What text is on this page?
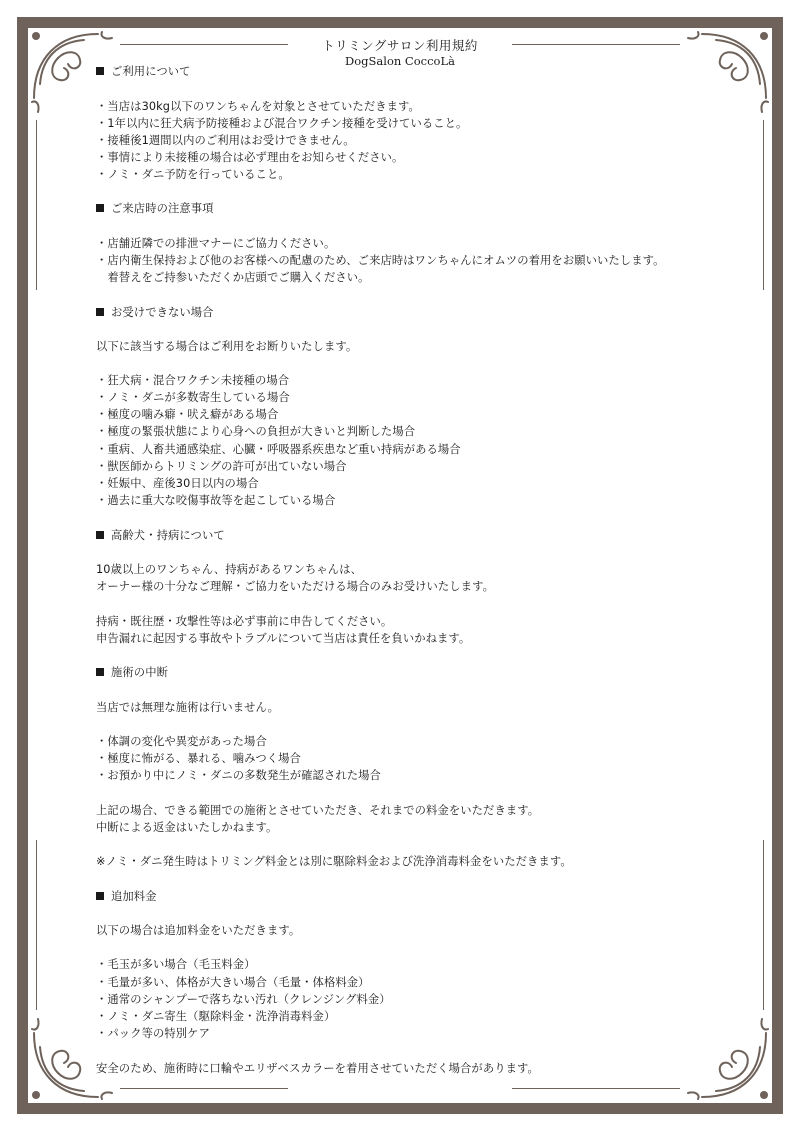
トリミングサロン利用規約
DogSalon CoccoLà
ご利用について
・当店は30kg以下のワンちゃんを対象とさせていただきます。
・1年以内に狂犬病予防接種および混合ワクチン接種を受けていること。
・接種後1週間以内のご利用はお受けできません。
・事情により未接種の場合は必ず理由をお知らせください。
・ノミ・ダニ予防を行っていること。
ご来店時の注意事項
・店舗近隣での排泄マナーにご協力ください。
・店内衛生保持および他のお客様への配慮のため、ご来店時はワンちゃんにオムツの着用をお願いいたします。
　着替えをご持参いただくか店頭でご購入ください。
お受けできない場合
以下に該当する場合はご利用をお断りいたします。
・狂犬病・混合ワクチン未接種の場合
・ノミ・ダニが多数寄生している場合
・極度の噛み癖・吠え癖がある場合
・極度の緊張状態により心身への負担が大きいと判断した場合
・重病、人畜共通感染症、心臓・呼吸器系疾患など重い持病がある場合
・獣医師からトリミングの許可が出ていない場合
・妊娠中、産後30日以内の場合
・過去に重大な咬傷事故等を起こしている場合
高齢犬・持病について
10歳以上のワンちゃん、持病があるワンちゃんは、
オーナー様の十分なご理解・ご協力をいただける場合のみお受けいたします。
持病・既往歴・攻撃性等は必ず事前に申告してください。
申告漏れに起因する事故やトラブルについて当店は責任を負いかねます。
施術の中断
当店では無理な施術は行いません。
・体調の変化や異変があった場合
・極度に怖がる、暴れる、噛みつく場合
・お預かり中にノミ・ダニの多数発生が確認された場合
上記の場合、できる範囲での施術とさせていただき、それまでの料金をいただきます。
中断による返金はいたしかねます。
※ノミ・ダニ発生時はトリミング料金とは別に駆除料金および洗浄消毒料金をいただきます。
追加料金
以下の場合は追加料金をいただきます。
・毛玉が多い場合（毛玉料金）
・毛量が多い、体格が大きい場合（毛量・体格料金）
・通常のシャンプーで落ちない汚れ（クレンジング料金）
・ノミ・ダニ寄生（駆除料金・洗浄消毒料金）
・パック等の特別ケア
安全のため、施術時に口輪やエリザベスカラーを着用させていただく場合があります。
